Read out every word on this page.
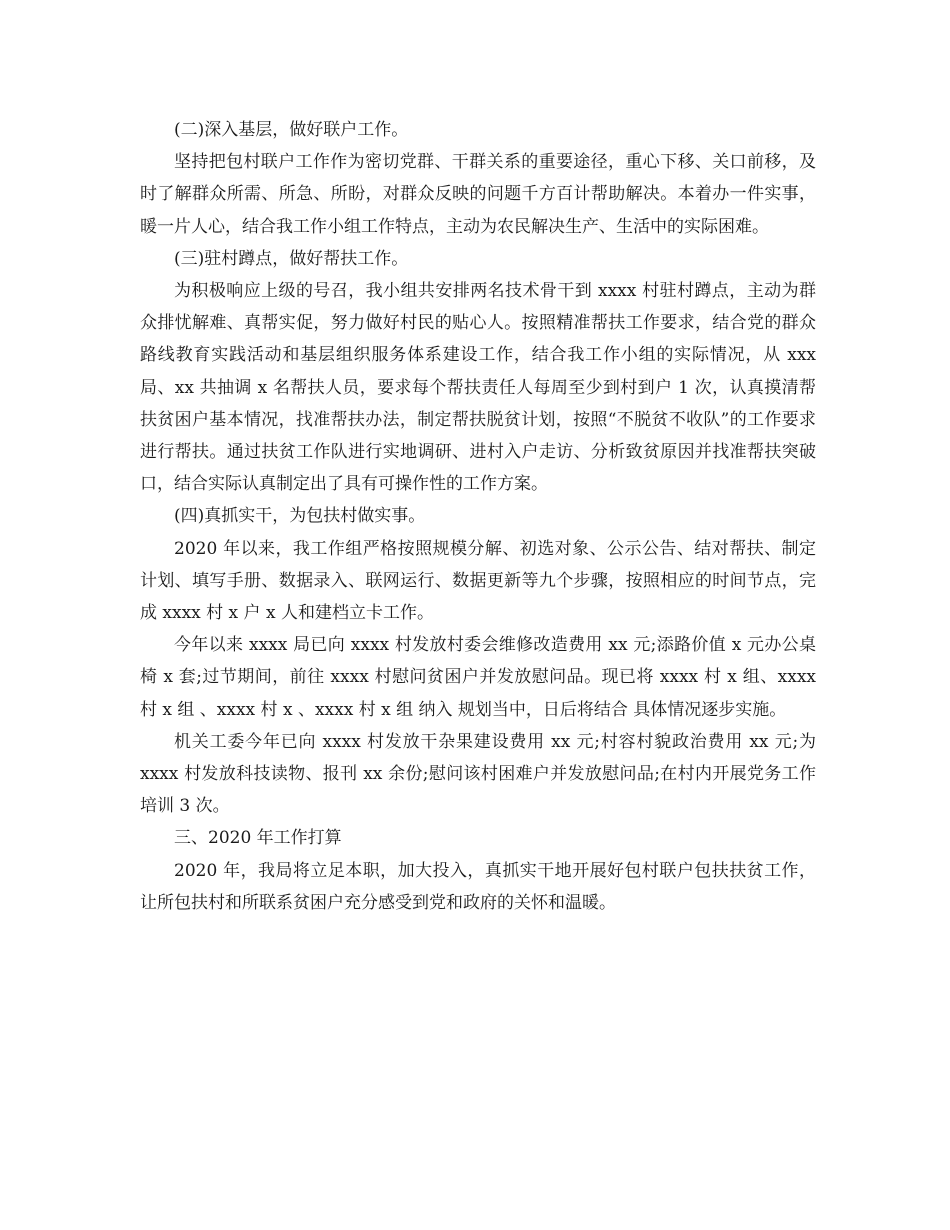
(二)深入基层，做好联户工作。

坚持把包村联户工作作为密切党群、干群关系的重要途径，重心下移、关口前移，及时了解群众所需、所急、所盼，对群众反映的问题千方百计帮助解决。本着办一件实事，暖一片人心，结合我工作小组工作特点，主动为农民解决生产、生活中的实际困难。

(三)驻村蹲点，做好帮扶工作。

为积极响应上级的号召，我小组共安排两名技术骨干到 xxxx 村驻村蹲点，主动为群众排忧解难、真帮实促，努力做好村民的贴心人。按照精准帮扶工作要求，结合党的群众路线教育实践活动和基层组织服务体系建设工作，结合我工作小组的实际情况，从 xxx 局、xx 共抽调 x 名帮扶人员，要求每个帮扶责任人每周至少到村到户 1 次，认真摸清帮扶贫困户基本情况，找准帮扶办法，制定帮扶脱贫计划，按照“不脱贫不收队”的工作要求进行帮扶。通过扶贫工作队进行实地调研、进村入户走访、分析致贫原因并找准帮扶突破口，结合实际认真制定出了具有可操作性的工作方案。

(四)真抓实干，为包扶村做实事。

2020 年以来，我工作组严格按照规模分解、初选对象、公示公告、结对帮扶、制定计划、填写手册、数据录入、联网运行、数据更新等九个步骤，按照相应的时间节点，完成 xxxx 村 x 户 x 人和建档立卡工作。

今年以来 xxxx 局已向 xxxx 村发放村委会维修改造费用 xx 元;添路价值 x 元办公桌椅 x 套;过节期间，前往 xxxx 村慰问贫困户并发放慰问品。现已将 xxxx 村 x 组、xxxx 村 x 组 、xxxx 村 x 、xxxx 村 x 组 纳入 规划当中，日后将结合 具体情况逐步实施。

机关工委今年已向 xxxx 村发放干杂果建设费用 xx 元;村容村貌政治费用 xx 元;为 xxxx 村发放科技读物、报刊 xx 余份;慰问该村困难户并发放慰问品;在村内开展党务工作培训 3 次。

三、2020 年工作打算

2020 年，我局将立足本职，加大投入，真抓实干地开展好包村联户包扶扶贫工作，让所包扶村和所联系贫困户充分感受到党和政府的关怀和温暖。
